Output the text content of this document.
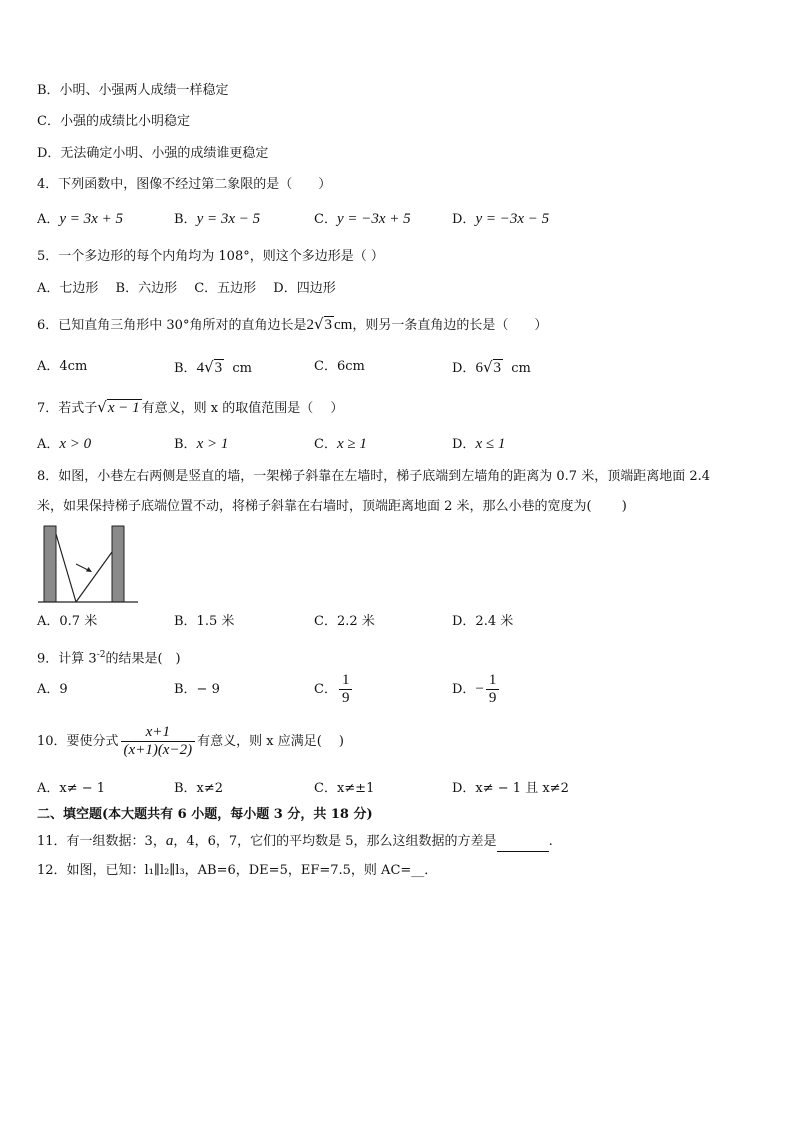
B．小明、小强两人成绩一样稳定
C．小强的成绩比小明稳定
D．无法确定小明、小强的成绩谁更稳定
4．下列函数中，图像不经过第二象限的是（　　）
A．y = 3x + 5	B．y = 3x − 5	C．y = −3x + 5	D．y = −3x − 5
5．一个多边形的每个内角均为 108°，则这个多边形是（ ）
A．七边形　 B．六边形　 C．五边形　 D．四边形
6．已知直角三角形中 30°角所对的直角边长是2√3 cm，则另一条直角边的长是（　　）
A．4cm	B．4√3 cm	C．6cm	D．6√3 cm
7．若式子√x − 1 有意义，则 x 的取值范围是（　 ）
A．x > 0	B．x > 1	C．x ≥ 1	D．x ≤ 1
8．如图，小巷左右两侧是竖直的墙，一架梯子斜靠在左墙时，梯子底端到左墙角的距离为 0.7 米，顶端距离地面 2.4
米，如果保持梯子底端位置不动，将梯子斜靠在右墙时，顶端距离地面 2 米，那么小巷的宽度为(　　 )
A．0.7 米	B．1.5 米	C．2.2 米	D．2.4 米
9．计算 $3^{-2}$的结果是(　)
A．9	B．− 9	C． $\frac{1}{9}$	D．− $\frac{1}{9}$
10．要使分式 $\frac{x+1}{(x+1)(x-2)}$ 有意义，则 x 应满足(　 )
A．x≠ − 1	B．x≠2	C．x≠±1	D．x≠ − 1 且 x≠2
二、填空题(本大题共有 6 小题，每小题 3 分，共 18 分)
11．有一组数据：3，a，4，6，7，它们的平均数是 5，那么这组数据的方差是　　　　	.
12．如图，已知：l₁∥l₂∥l₃，AB=6，DE=5，EF=7.5，则 AC=__．
